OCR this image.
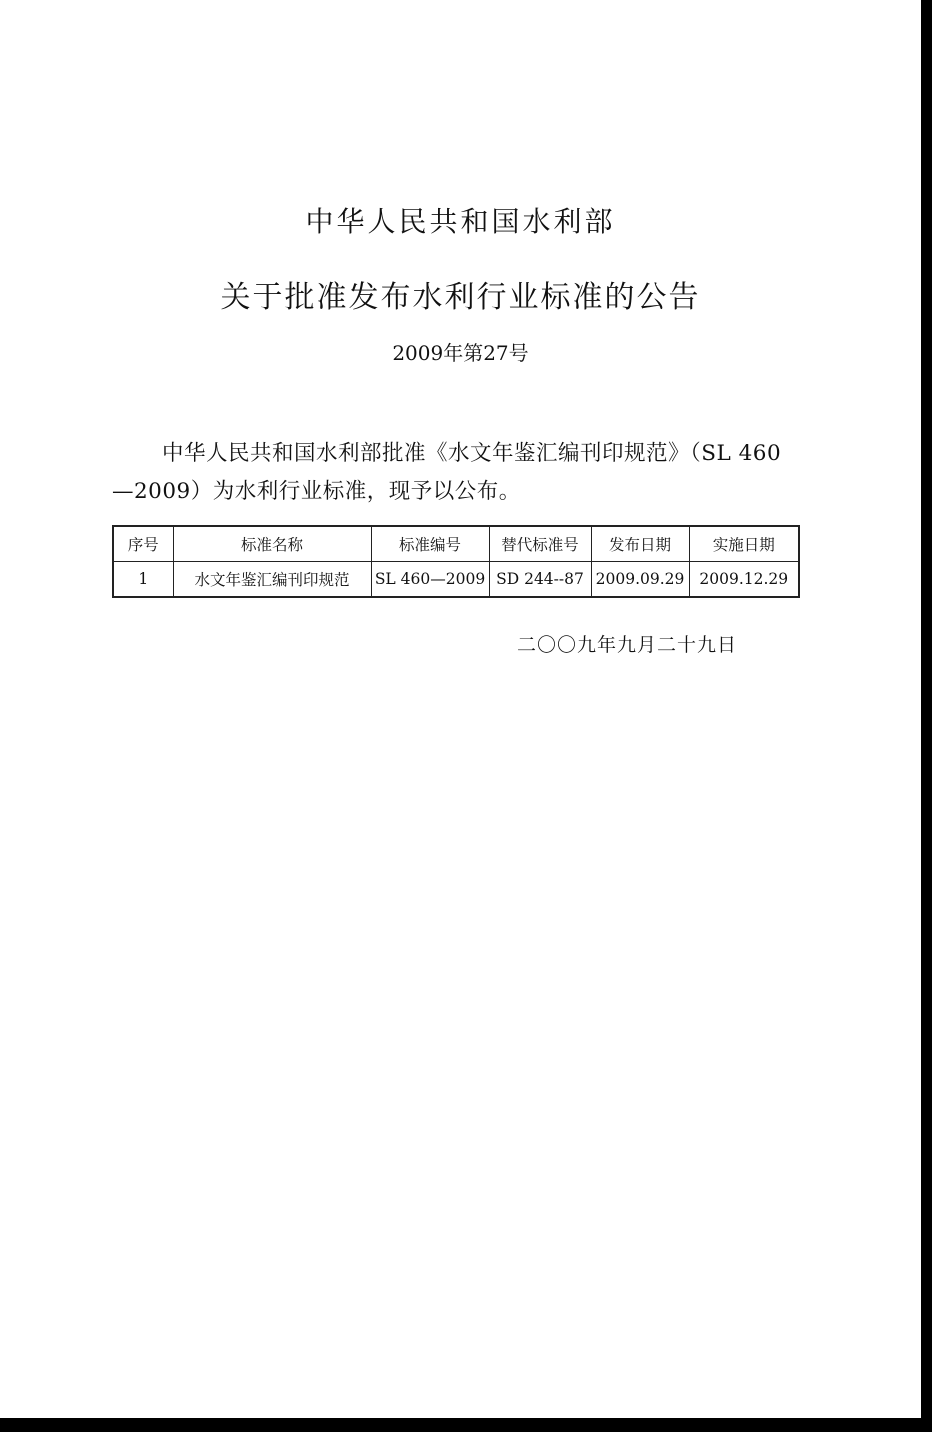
中华人民共和国水利部
关于批准发布水利行业标准的公告
2009年第27号

中华人民共和国水利部批准《水文年鉴汇编刊印规范》（SL 460—2009）为水利行业标准，现予以公布。

序号	标准名称	标准编号	替代标准号	发布日期	实施日期
1	水文年鉴汇编刊印规范	SL 460—2009	SD 244--87	2009.09.29	2009.12.29
二〇〇九年九月二十九日
